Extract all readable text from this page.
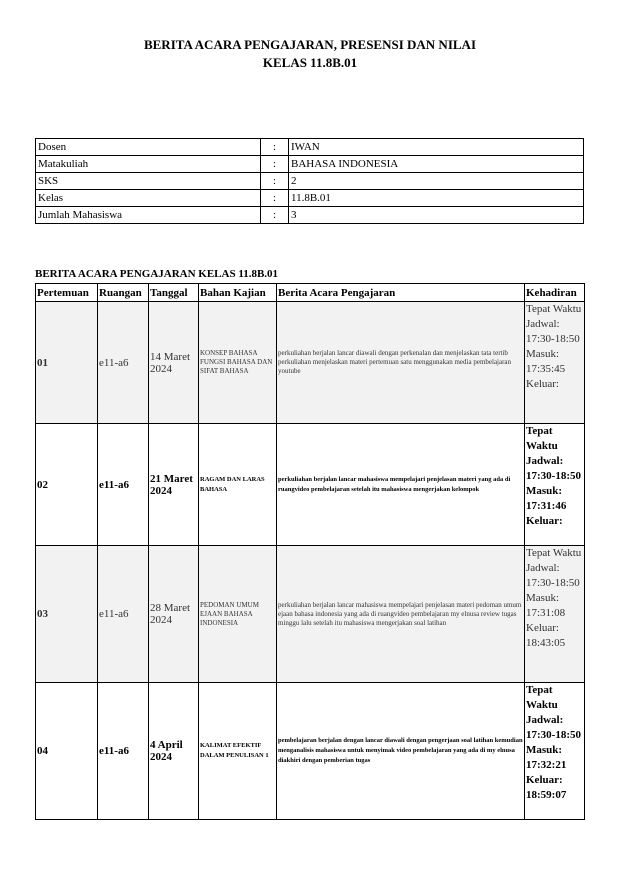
BERITA ACARA PENGAJARAN, PRESENSI DAN NILAI
KELAS 11.8B.01
Dosen	:	IWAN
Matakuliah	:	BAHASA INDONESIA
SKS	:	2
Kelas	:	11.8B.01
Jumlah Mahasiswa	:	3
BERITA ACARA PENGAJARAN KELAS 11.8B.01
Pertemuan	Ruangan	Tanggal	Bahan Kajian	Berita Acara Pengajaran	Kehadiran
01	e11-a6	14 Maret 2024	KONSEP BAHASA FUNGSI BAHASA DAN SIFAT BAHASA	perkuliahan berjalan lancar diawali dengan perkenalan dan menjelaskan tata tertib perkuliahan menjelaskan materi pertemuan satu menggunakan media pembelajaran youtube	Tepat Waktu Jadwal: 17:30-18:50 Masuk: 17:35:45 Keluar:

02	e11-a6	21 Maret 2024	RAGAM DAN LARAS BAHASA	perkuliahan berjalan lancar mahasiswa mempelajari penjelasan materi yang ada di ruangvideo pembelajaran setelah itu mahasiswa mengerjakan kelompok	Tepat Waktu Jadwal: 17:30-18:50 Masuk: 17:31:46 Keluar:

03	e11-a6	28 Maret 2024	PEDOMAN UMUM EJAAN BAHASA INDONESIA	perkuliahan berjalan lancar mahasiswa mempelajari penjelasan materi pedoman umum ejaan bahasa indonesia yang ada di ruangvideo pembelajaran my elnusa review tugas minggu lalu setelah itu mahasiswa mengerjakan soal latihan	Tepat Waktu Jadwal: 17:30-18:50 Masuk: 17:31:08 Keluar: 18:43:05

04	e11-a6	4 April 2024	KALIMAT EFEKTIF DALAM PENULISAN 1	pembelajaran berjalan dengan lancar diawali dengan pengerjaan soal latihan kemudian menganalisis mahasiswa untuk menyimak video pembelajaran yang ada di my elnusa diakhiri dengan pemberian tugas	Tepat Waktu Jadwal: 17:30-18:50 Masuk: 17:32:21 Keluar: 18:59:07
